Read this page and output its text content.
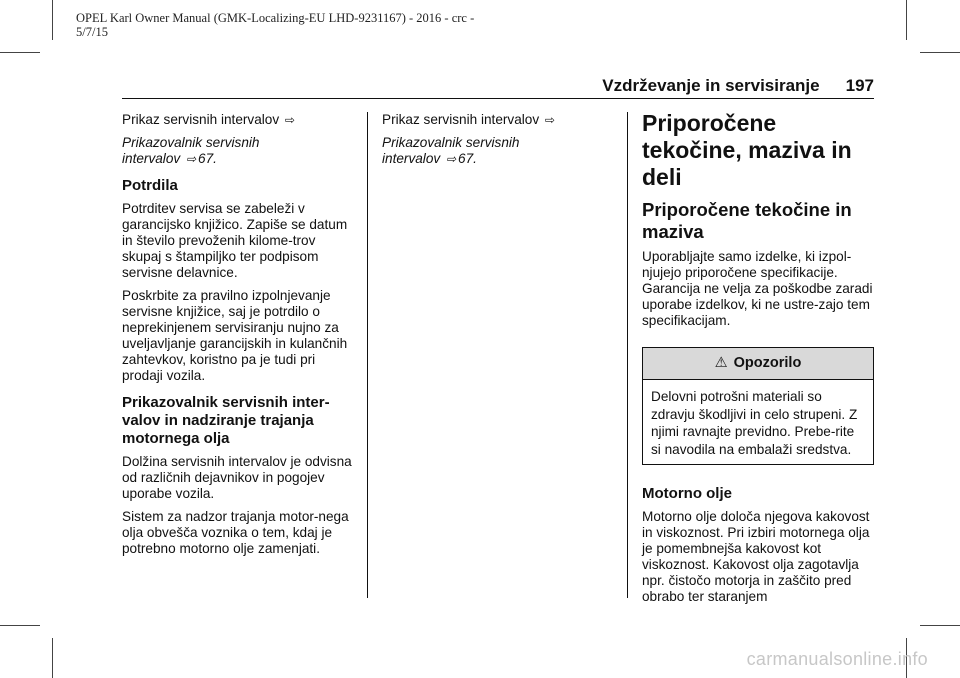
OPEL Karl Owner Manual (GMK-Localizing-EU LHD-9231167) - 2016 - crc -
5/7/15
Vzdrževanje in servisiranje 197

Prikaz servisnih intervalov ⇨

Prikazovalnik servisnih
intervalov ⇨ 67.

Potrdila

Potrditev servisa se zabeleži v garancijsko knjižico. Zapiše se datum in število prevoženih kilome-trov skupaj s štampiljko ter podpisom servisne delavnice.

Poskrbite za pravilno izpolnjevanje servisne knjižice, saj je potrdilo o neprekinjenem servisiranju nujno za uveljavljanje garancijskih in kulančnih zahtevkov, koristno pa je tudi pri prodaji vozila.

Prikazovalnik servisnih inter-valov in nadziranje trajanja motornega olja

Dolžina servisnih intervalov je odvisna od različnih dejavnikov in pogojev uporabe vozila.

Sistem za nadzor trajanja motor-nega olja obvešča voznika o tem, kdaj je potrebno motorno olje zamenjati.

Prikaz servisnih intervalov ⇨

Prikazovalnik servisnih
intervalov ⇨ 67.

Priporočene tekočine, maziva in deli
Priporočene tekočine in maziva

Uporabljajte samo izdelke, ki izpol-njujejo priporočene specifikacije. Garancija ne velja za poškodbe zaradi uporabe izdelkov, ki ne ustre-zajo tem specifikacijam.

⚠ Opozorilo
Delovni potrošni materiali so zdravju škodljivi in celo strupeni. Z njimi ravnajte previdno. Prebe-rite si navodila na embalaži sredstva.
Motorno olje

Motorno olje določa njegova kakovost in viskoznost. Pri izbiri motornega olja je pomembnejša kakovost kot viskoznost. Kakovost olja zagotavlja npr. čistočo motorja in zaščito pred obrabo ter staranjem

carmanualsonline.info
